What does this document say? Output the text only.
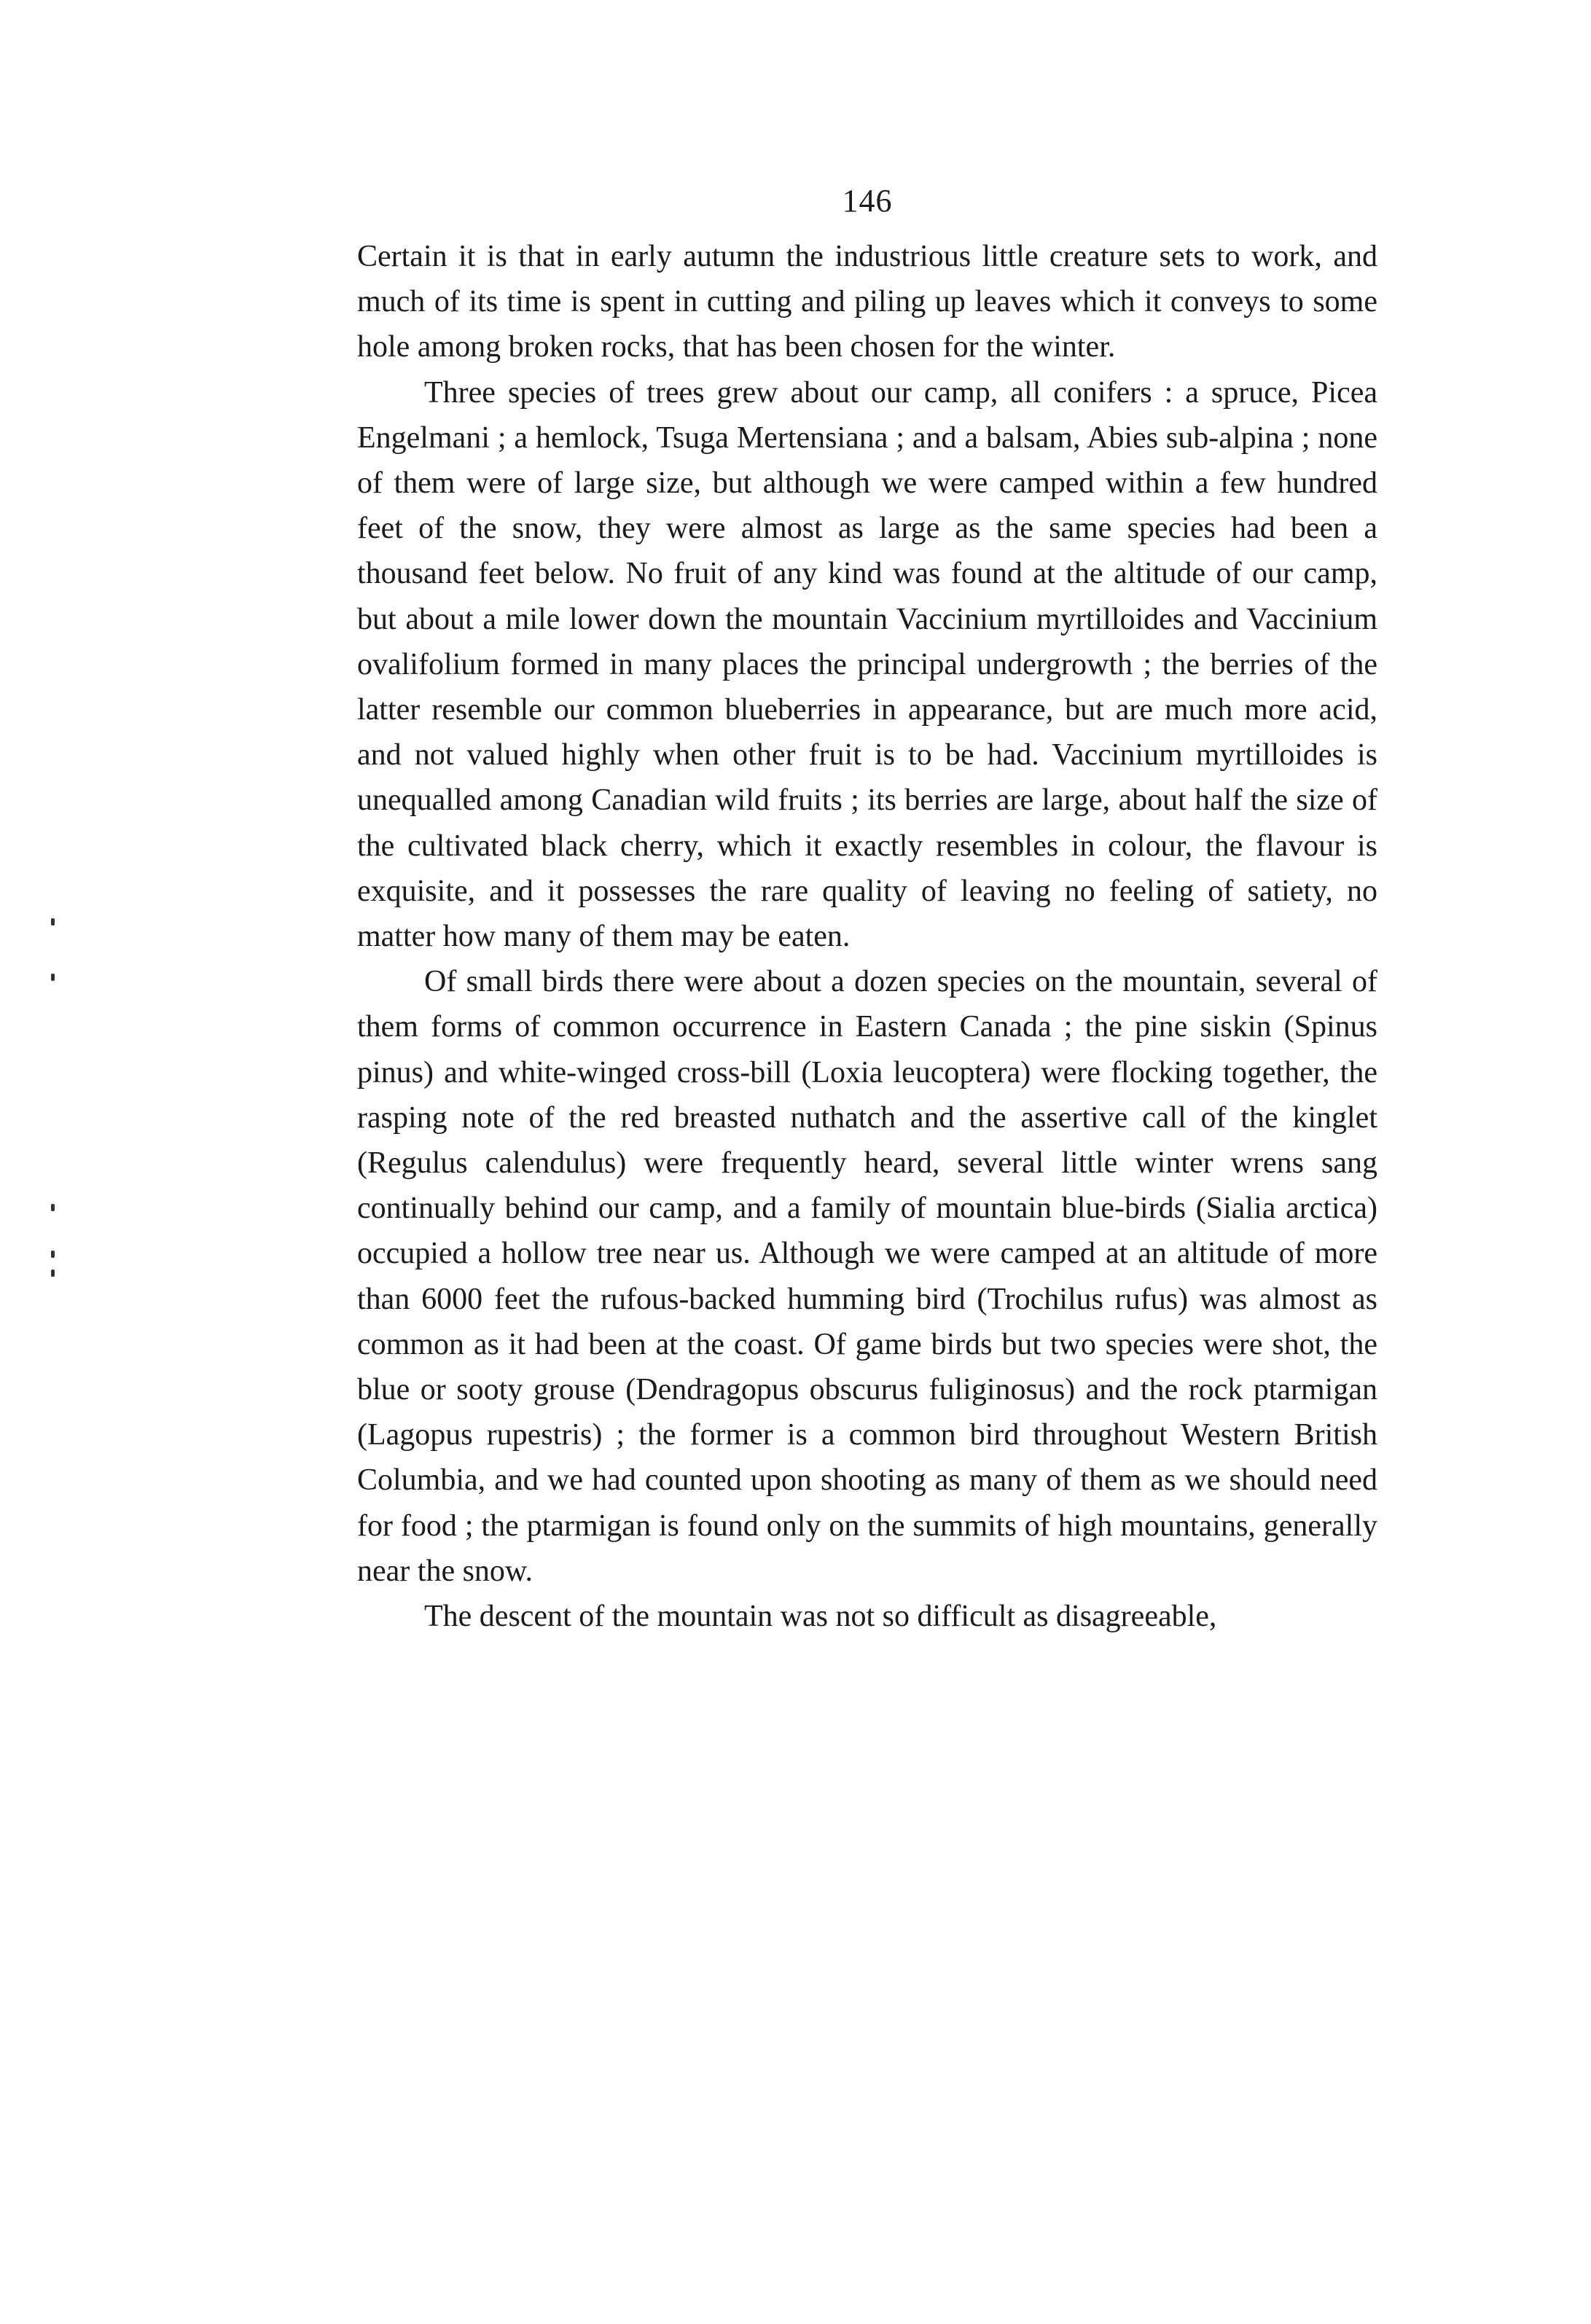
146

Certain it is that in early autumn the industrious little creature sets to work, and much of its time is spent in cutting and piling up leaves which it conveys to some hole among broken rocks, that has been chosen for the winter.

Three species of trees grew about our camp, all conifers : a spruce, Picea Engelmani ; a hemlock, Tsuga Mertensiana ; and a balsam, Abies sub-alpina ; none of them were of large size, but although we were camped within a few hundred feet of the snow, they were almost as large as the same species had been a thousand feet below. No fruit of any kind was found at the altitude of our camp, but about a mile lower down the mountain Vaccinium myrtilloides and Vaccinium ovalifolium formed in many places the principal undergrowth ; the berries of the latter resemble our common blueberries in appearance, but are much more acid, and not valued highly when other fruit is to be had. Vaccinium myrtilloides is unequalled among Canadian wild fruits ; its berries are large, about half the size of the cultivated black cherry, which it exactly resembles in colour, the flavour is exquisite, and it possesses the rare quality of leaving no feeling of satiety, no matter how many of them may be eaten.

Of small birds there were about a dozen species on the mountain, several of them forms of common occurrence in Eastern Canada ; the pine siskin (Spinus pinus) and white-winged cross-bill (Loxia leucoptera) were flocking together, the rasping note of the red breasted nuthatch and the assertive call of the kinglet (Regulus calendulus) were frequently heard, several little winter wrens sang continually behind our camp, and a family of mountain blue-birds (Sialia arctica) occupied a hollow tree near us. Although we were camped at an altitude of more than 6000 feet the rufous-backed humming bird (Trochilus rufus) was almost as common as it had been at the coast. Of game birds but two species were shot, the blue or sooty grouse (Dendragopus obscurus fuliginosus) and the rock ptarmigan (Lagopus rupestris) ; the former is a common bird throughout Western British Columbia, and we had counted upon shooting as many of them as we should need for food ; the ptarmigan is found only on the summits of high mountains, generally near the snow.

The descent of the mountain was not so difficult as disagreeable,
